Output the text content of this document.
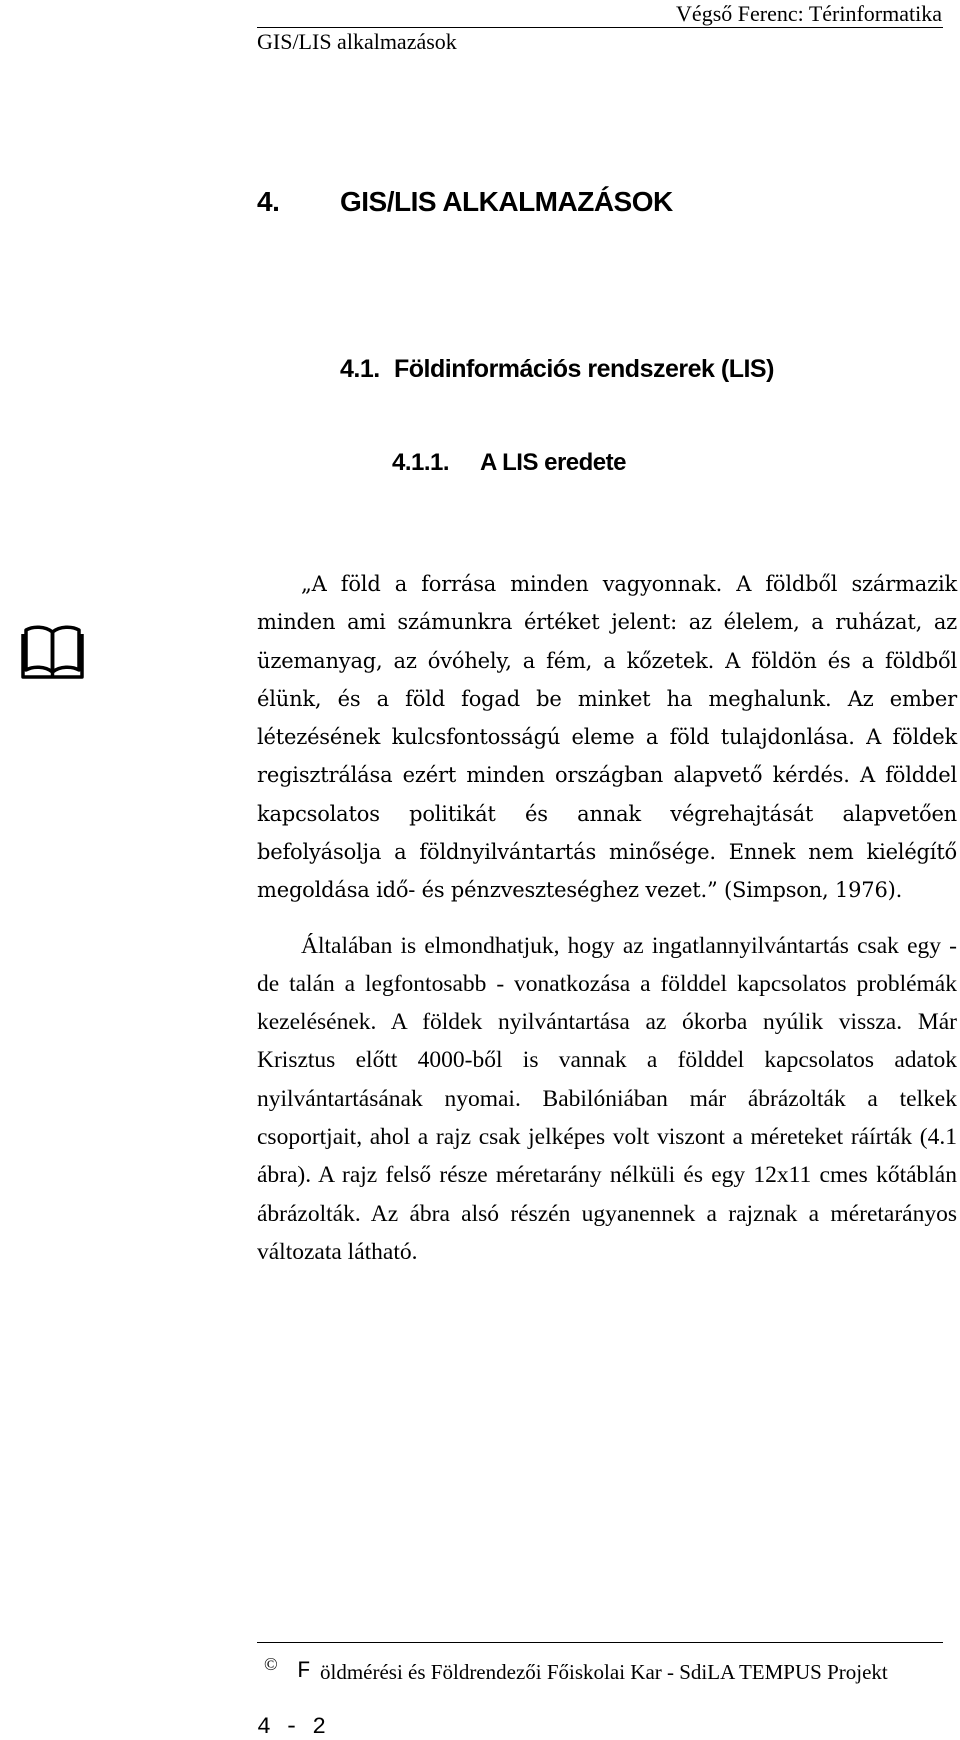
GIS/LIS alkalmazások
Végső Ferenc: Térinformatika
4. GIS/LIS ALKALMAZÁSOK
4.1. Földinformációs rendszerek (LIS)
4.1.1. A LIS eredete

„A föld a forrása minden vagyonnak. A földből származik minden ami számunkra értéket jelent: az élelem, a ruházat, az üzemanyag, az óvóhely, a fém, a kőzetek. A földön és a földből élünk, és a föld fogad be minket ha meghalunk. Az ember létezésének kulcsfontosságú eleme a föld tulajdonlása. A földek regisztrálása ezért minden országban alapvető kérdés. A földdel kapcsolatos politikát és annak végrehajtását alapvetően befolyásolja a földnyilvántartás minősége. Ennek nem kielégítő megoldása idő- és pénzveszteséghez vezet.” (Simpson, 1976).

Általában is elmondhatjuk, hogy az ingatlannyilvántartás csak egy - de talán a legfontosabb - vonatkozása a földdel kapcsolatos problémák kezelésének. A földek nyilvántartása az ókorba nyúlik vissza. Már Krisztus előtt 4000-ből is vannak a földdel kapcsolatos adatok nyilvántartásának nyomai. Babilóniában már ábrázolták a telkek csoportjait, ahol a rajz csak jelképes volt viszont a méreteket ráírták (4.1 ábra). A rajz felső része méretarány nélküli és egy 12x11 cmes kőtáblán ábrázolták. Az ábra alsó részén ugyanennek a rajznak a méretarányos változata látható.

© F öldmérési és Földrendezői Főiskolai Kar - SdiLA TEMPUS Projekt
4 - 2
